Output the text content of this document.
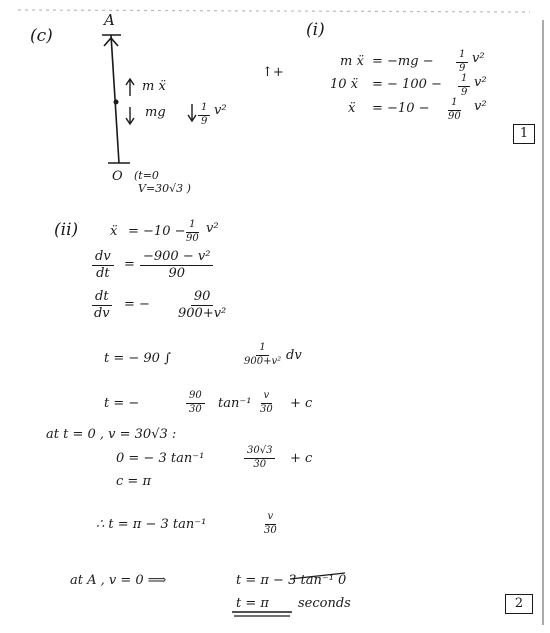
(c)
A
m ẍ
mg	$\frac{1}{9} v^2$
O (t=0
V=30√3 )
(i)
↑+
m ẍ = $-mg - \frac{1}{9} v^2$
10 ẍ = − $100 - \frac{1}{9} v^2$
ẍ = $-10 - \frac{1}{90} v^2$
1
(ii) ẍ = $-10 - \frac{1}{90} v^2$
$\frac{dv}{dt} = \frac{\text{−900 − v²}}{90}$
$\frac{dt}{dv}$ = − $\frac{90}{\text{900+v²}}$
t = − 90 ∫	$\frac{1}{\text{900+v²}}$ dv
t = −	$\frac{90}{30} \tan^{-1} \frac{v}{30} + c$
at t = 0 , v = 30√3 :
0 = − 3 tan⁻¹	$\frac{30√3}{30} + c$
c = π
∴ t = π − 3 tan⁻¹	$\frac{v}{30}$
at A , v = 0 ⟹	t = π − 3 tan⁻¹ 0
t = π seconds	2
